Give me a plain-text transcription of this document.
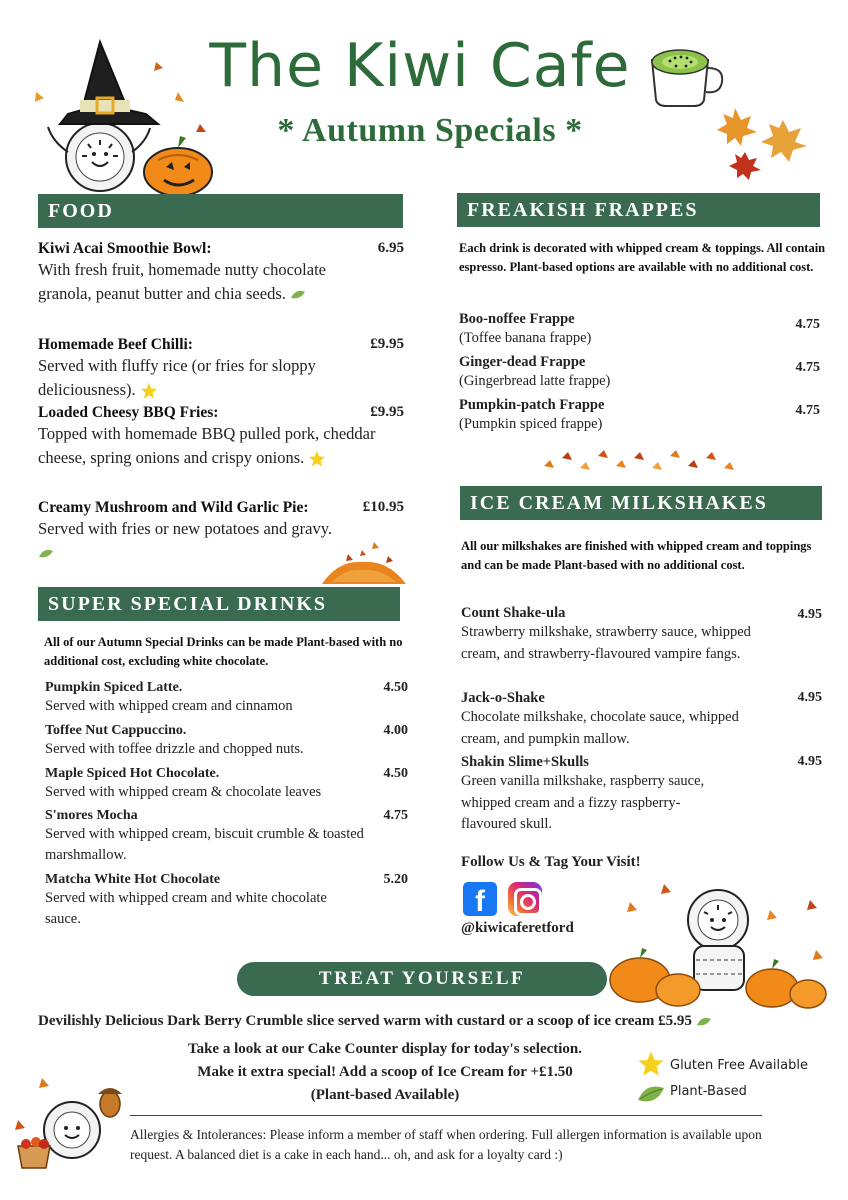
The Kiwi Cafe
* Autumn Specials *
FOOD
Kiwi Acai Smoothie Bowl:	6.95
With fresh fruit, homemade nutty chocolate granola, peanut butter and chia seeds.
Homemade Beef Chilli:	£9.95
Served with fluffy rice (or fries for sloppy deliciousness).
Loaded Cheesy BBQ Fries:	£9.95
Topped with homemade BBQ pulled pork, cheddar cheese, spring onions and crispy onions.
Creamy Mushroom and Wild Garlic Pie:	£10.95
Served with fries or new potatoes and gravy.
SUPER SPECIAL DRINKS
All of our Autumn Special Drinks can be made Plant-based with no additional cost, excluding white chocolate.
Pumpkin Spiced Latte.	4.50
Served with whipped cream and cinnamon
Toffee Nut Cappuccino.	4.00
Served with toffee drizzle and chopped nuts.
Maple Spiced Hot Chocolate.	4.50
Served with whipped cream & chocolate leaves
S'mores Mocha	4.75
Served with whipped cream, biscuit crumble & toasted marshmallow.
Matcha White Hot Chocolate	5.20
Served with whipped cream and white chocolate sauce.
FREAKISH FRAPPES
Each drink is decorated with whipped cream & toppings. All contain espresso. Plant-based options are available with no additional cost.
Boo-noffee Frappe	4.75
(Toffee banana frappe)
Ginger-dead Frappe	4.75
(Gingerbread latte frappe)
Pumpkin-patch Frappe	4.75
(Pumpkin spiced frappe)
ICE CREAM MILKSHAKES
All our milkshakes are finished with whipped cream and toppings and can be made Plant-based with no additional cost.
Count Shake-ula	4.95
Strawberry milkshake, strawberry sauce, whipped cream, and strawberry-flavoured vampire fangs.
Jack-o-Shake	4.95
Chocolate milkshake, chocolate sauce, whipped cream, and pumpkin mallow.
Shakin Slime+Skulls	4.95
Green vanilla milkshake, raspberry sauce, whipped cream and a fizzy raspberry-flavoured skull.
Follow Us & Tag Your Visit!
f
@kiwicaferetford
TREAT YOURSELF
Devilishly Delicious Dark Berry Crumble slice served warm with custard or a scoop of ice cream £5.95
Take a look at our Cake Counter display for today's selection.
Make it extra special! Add a scoop of Ice Cream for +£1.50
(Plant-based Available)
Gluten Free Available
Plant-Based
Allergies & Intolerances: Please inform a member of staff when ordering. Full allergen information is available upon request. A balanced diet is a cake in each hand... oh, and ask for a loyalty card :)
